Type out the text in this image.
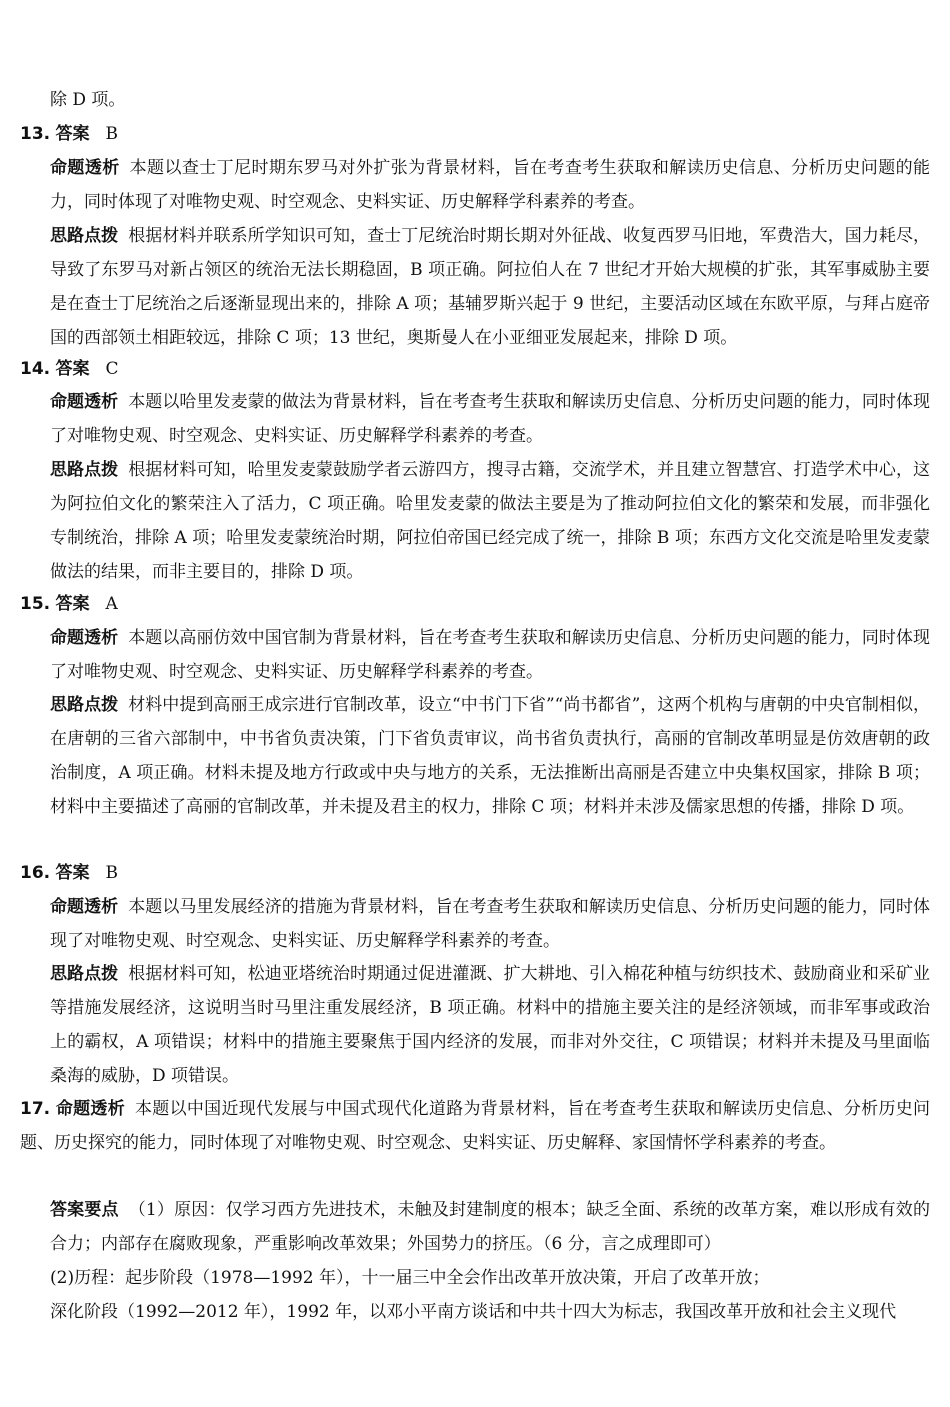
除 D 项。

13. 答案 B

命题透析 本题以查士丁尼时期东罗马对外扩张为背景材料，旨在考查考生获取和解读历史信息、分析历史问题的能力，同时体现了对唯物史观、时空观念、史料实证、历史解释学科素养的考查。

思路点拨 根据材料并联系所学知识可知，查士丁尼统治时期长期对外征战、收复西罗马旧地，军费浩大，国力耗尽，导致了东罗马对新占领区的统治无法长期稳固，B 项正确。阿拉伯人在 7 世纪才开始大规模的扩张，其军事威胁主要是在查士丁尼统治之后逐渐显现出来的，排除 A 项；基辅罗斯兴起于 9 世纪，主要活动区域在东欧平原，与拜占庭帝国的西部领土相距较远，排除 C 项；13 世纪，奥斯曼人在小亚细亚发展起来，排除 D 项。

14. 答案 C

命题透析 本题以哈里发麦蒙的做法为背景材料，旨在考查考生获取和解读历史信息、分析历史问题的能力，同时体现了对唯物史观、时空观念、史料实证、历史解释学科素养的考查。

思路点拨 根据材料可知，哈里发麦蒙鼓励学者云游四方，搜寻古籍，交流学术，并且建立智慧宫、打造学术中心，这为阿拉伯文化的繁荣注入了活力，C 项正确。哈里发麦蒙的做法主要是为了推动阿拉伯文化的繁荣和发展，而非强化专制统治，排除 A 项；哈里发麦蒙统治时期，阿拉伯帝国已经完成了统一，排除 B 项；东西方文化交流是哈里发麦蒙做法的结果，而非主要目的，排除 D 项。

15. 答案 A

命题透析 本题以高丽仿效中国官制为背景材料，旨在考查考生获取和解读历史信息、分析历史问题的能力，同时体现了对唯物史观、时空观念、史料实证、历史解释学科素养的考查。

思路点拨 材料中提到高丽王成宗进行官制改革，设立“中书门下省”“尚书都省”，这两个机构与唐朝的中央官制相似，在唐朝的三省六部制中，中书省负责决策，门下省负责审议，尚书省负责执行，高丽的官制改革明显是仿效唐朝的政治制度，A 项正确。材料未提及地方行政或中央与地方的关系，无法推断出高丽是否建立中央集权国家，排除 B 项；材料中主要描述了高丽的官制改革，并未提及君主的权力，排除 C 项；材料并未涉及儒家思想的传播，排除 D 项。

16. 答案 B

命题透析 本题以马里发展经济的措施为背景材料，旨在考查考生获取和解读历史信息、分析历史问题的能力，同时体现了对唯物史观、时空观念、史料实证、历史解释学科素养的考查。

思路点拨 根据材料可知，松迪亚塔统治时期通过促进灌溉、扩大耕地、引入棉花种植与纺织技术、鼓励商业和采矿业等措施发展经济，这说明当时马里注重发展经济，B 项正确。材料中的措施主要关注的是经济领域，而非军事或政治上的霸权，A 项错误；材料中的措施主要聚焦于国内经济的发展，而非对外交往，C 项错误；材料并未提及马里面临桑海的威胁，D 项错误。

17. 命题透析 本题以中国近现代发展与中国式现代化道路为背景材料，旨在考查考生获取和解读历史信息、分析历史问题、历史探究的能力，同时体现了对唯物史观、时空观念、史料实证、历史解释、家国情怀学科素养的考查。

答案要点 （1）原因：仅学习西方先进技术，未触及封建制度的根本；缺乏全面、系统的改革方案，难以形成有效的合力；内部存在腐败现象，严重影响改革效果；外国势力的挤压。（6 分，言之成理即可）

(2)历程：起步阶段（1978—1992 年），十一届三中全会作出改革开放决策，开启了改革开放；

深化阶段（1992—2012 年），1992 年，以邓小平南方谈话和中共十四大为标志，我国改革开放和社会主义现代
